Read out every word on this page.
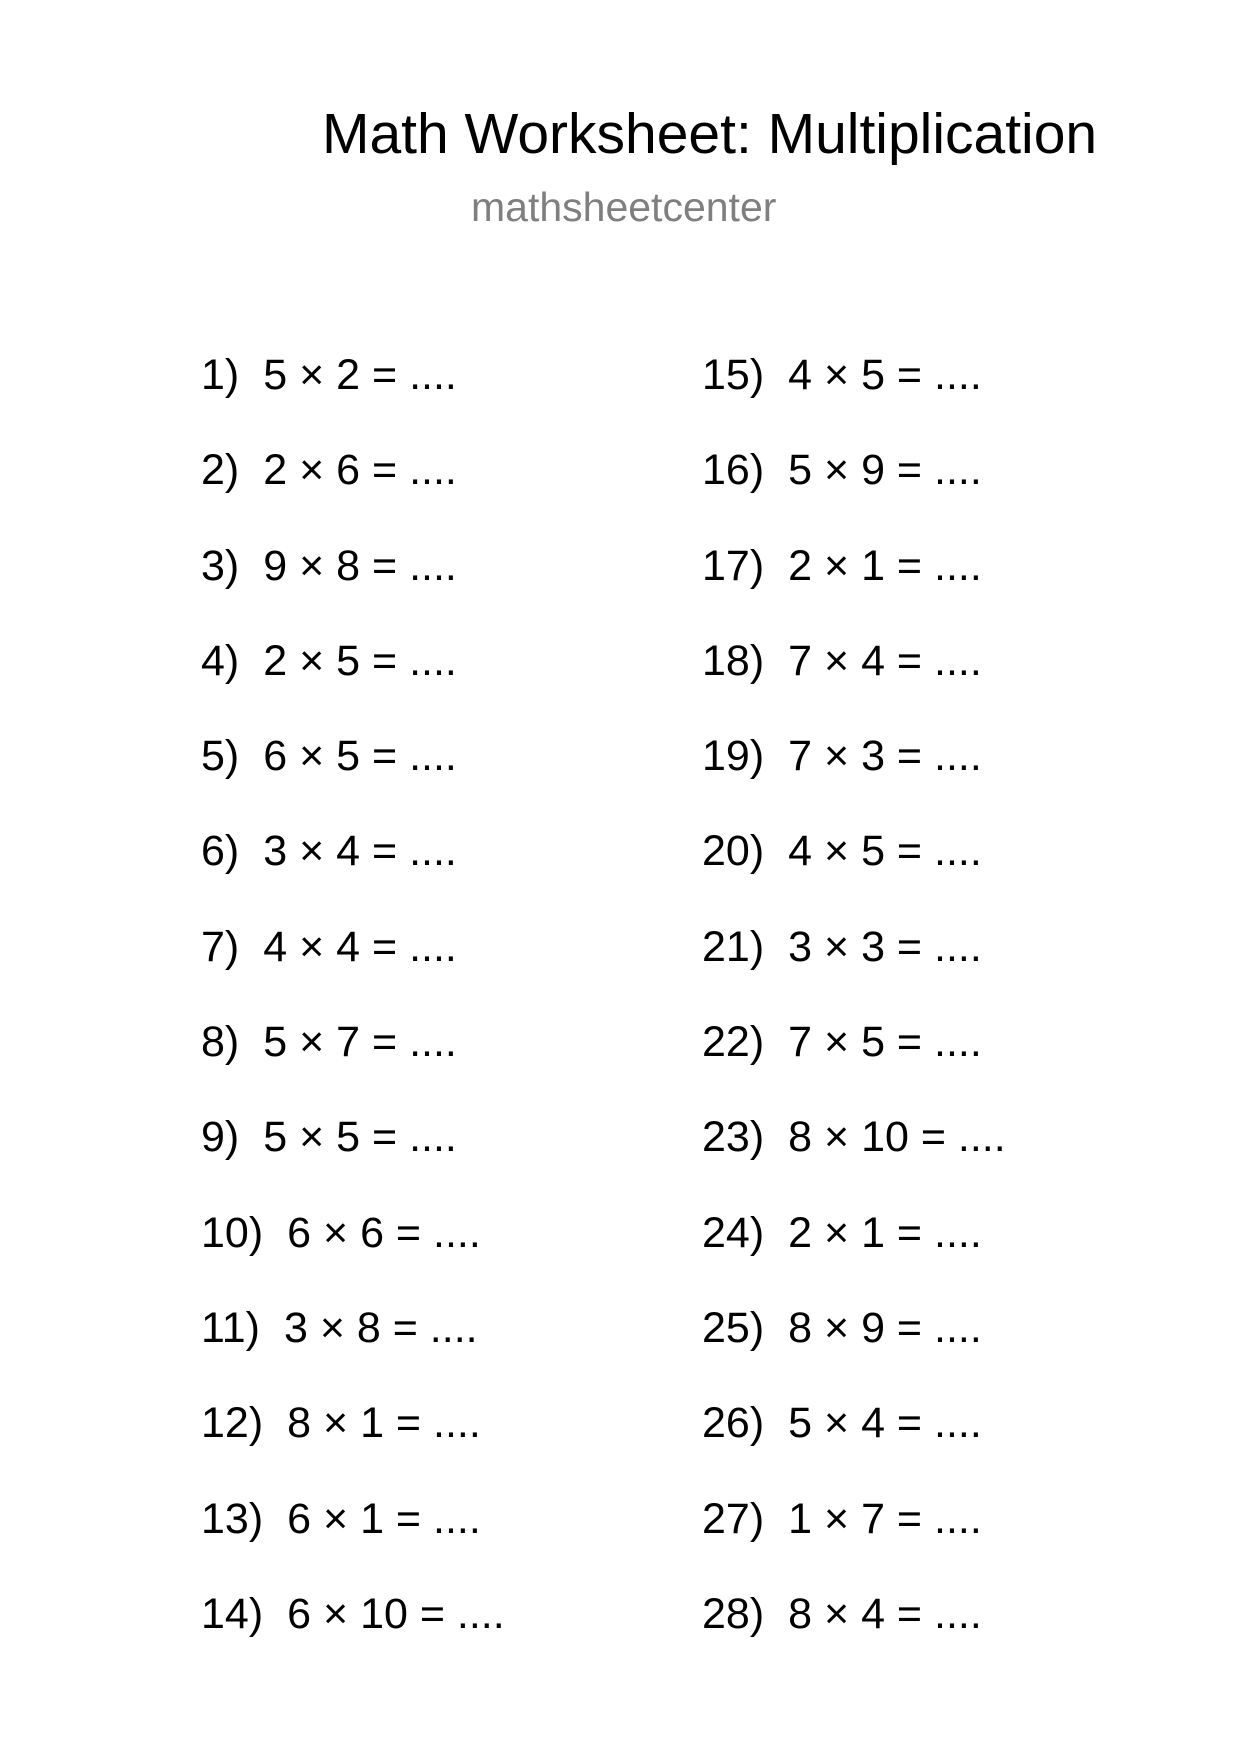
Math Worksheet: Multiplication
mathsheetcenter
1) 5 × 2 = ....
2) 2 × 6 = ....
3) 9 × 8 = ....
4) 2 × 5 = ....
5) 6 × 5 = ....
6) 3 × 4 = ....
7) 4 × 4 = ....
8) 5 × 7 = ....
9) 5 × 5 = ....
10) 6 × 6 = ....
11) 3 × 8 = ....
12) 8 × 1 = ....
13) 6 × 1 = ....
14) 6 × 10 = ....
15) 4 × 5 = ....
16) 5 × 9 = ....
17) 2 × 1 = ....
18) 7 × 4 = ....
19) 7 × 3 = ....
20) 4 × 5 = ....
21) 3 × 3 = ....
22) 7 × 5 = ....
23) 8 × 10 = ....
24) 2 × 1 = ....
25) 8 × 9 = ....
26) 5 × 4 = ....
27) 1 × 7 = ....
28) 8 × 4 = ....
